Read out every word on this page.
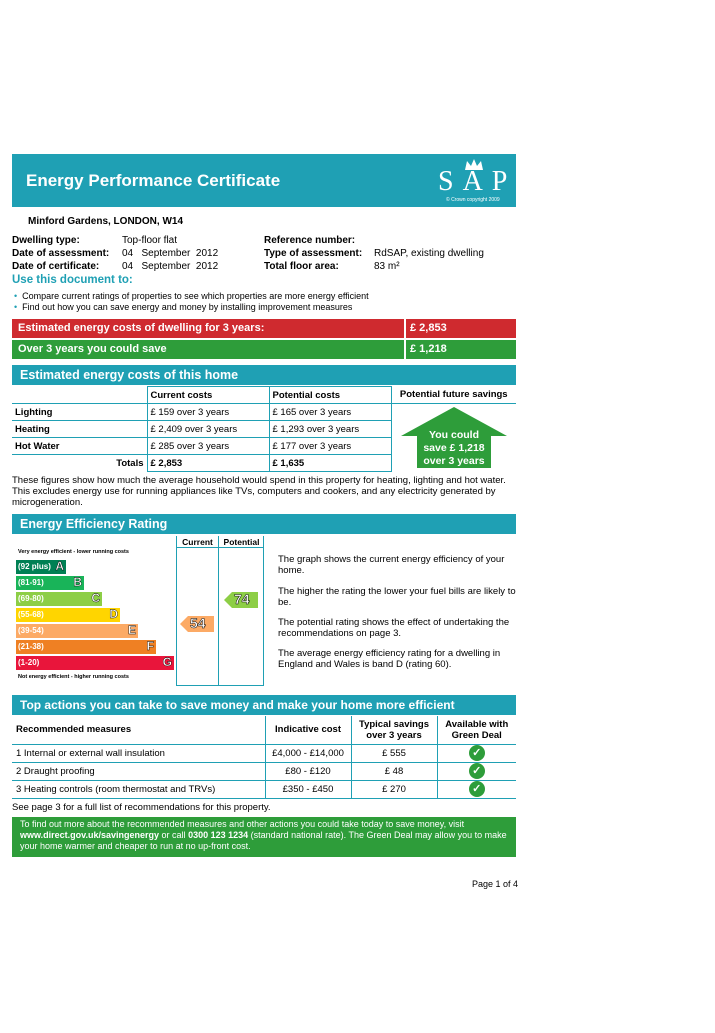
Energy Performance Certificate	SAP
© Crown copyright 2009
Minford Gardens, LONDON, W14
Dwelling type:	Top-floor flat
Date of assessment: 04   September  2012
Date of certificate: 04   September  2012
Reference number:
Type of assessment: RdSAP, existing dwelling
Total floor area:	83 m²
Use this document to:
• Compare current ratings of properties to see which properties are more energy efficient
• Find out how you can save energy and money by installing improvement measures
Estimated energy costs of dwelling for 3 years:	£ 2,853
Over 3 years you could save	£ 1,218
Estimated energy costs of this home
	Current costs	Potential costs	Potential future savings
Lighting	£ 159 over 3 years	£ 165 over 3 years	
Heating	£ 2,409 over 3 years	£ 1,293 over 3 years	
Hot Water	£ 285 over 3 years	£ 177 over 3 years	
Totals	£ 2,853	£ 1,635	
You could
save £ 1,218
over 3 years
These figures show how much the average household would spend in this property for heating, lighting and hot water. This excludes energy use for running appliances like TVs, computers and cookers, and any electricity generated by microgeneration.
Energy Efficiency Rating
Current	Potential
Very energy efficient - lower running costs
Not energy efficient - higher running costs
(92 plus) A
(81-91) B
(69-80)	C
(55-68)	D
(39-54)	E
(21-38)	F
(1-20)	G
54
74
The graph shows the current energy efficiency of your home.
The higher the rating the lower your fuel bills are likely to be.
The potential rating shows the effect of undertaking the recommendations on page 3.
The average energy efficiency rating for a dwelling in England and Wales is band D (rating 60).
Top actions you can take to save money and make your home more efficient
Recommended measures	Indicative cost	Typical savings over 3 years	Available with Green Deal
1 Internal or external wall insulation	£4,000 - £14,000	£ 555	✓
2 Draught proofing	£80 - £120	£ 48	✓
3 Heating controls (room thermostat and TRVs)	£350 - £450	£ 270	✓
See page 3 for a full list of recommendations for this property.
To find out more about the recommended measures and other actions you could take today to save money, visit www.direct.gov.uk/savingenergy or call 0300 123 1234 (standard national rate). The Green Deal may allow you to make your home warmer and cheaper to run at no up-front cost.
Page 1 of 4
